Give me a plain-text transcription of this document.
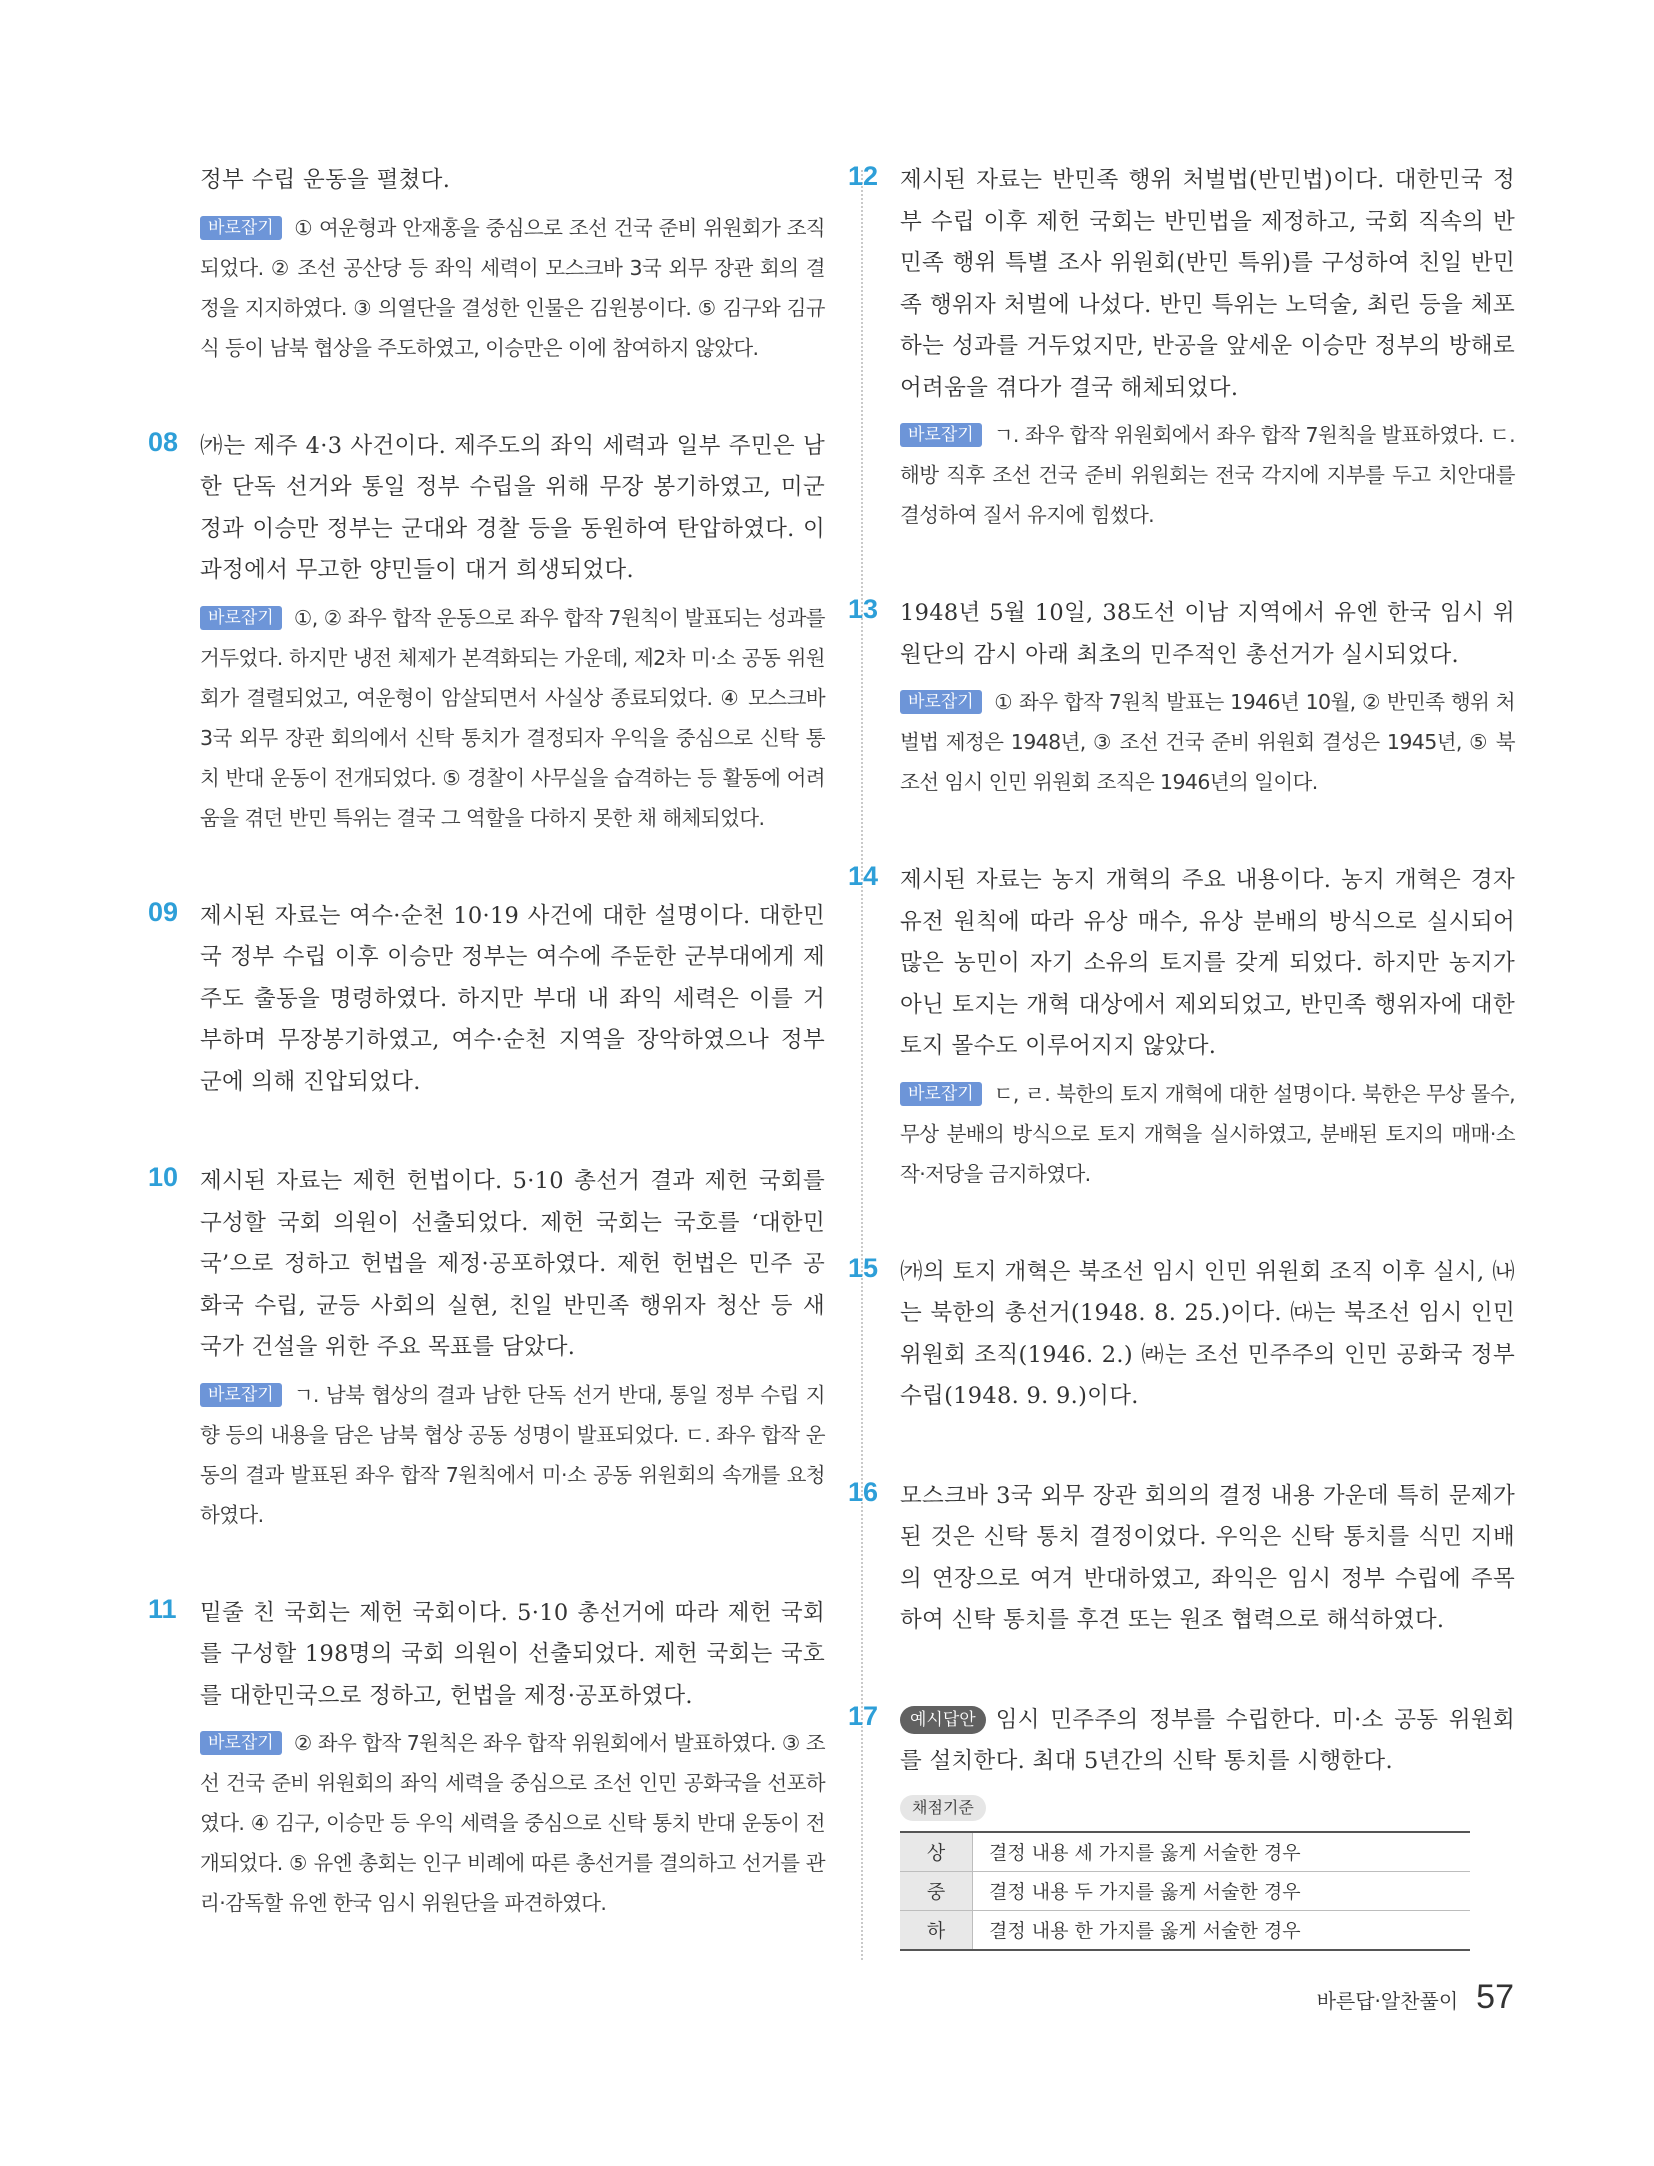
정부 수립 운동을 펼쳤다.

바로잡기 ① 여운형과 안재홍을 중심으로 조선 건국 준비 위원회가 조직되었다. ② 조선 공산당 등 좌익 세력이 모스크바 3국 외무 장관 회의 결정을 지지하였다. ③ 의열단을 결성한 인물은 김원봉이다. ⑤ 김구와 김규식 등이 남북 협상을 주도하였고, 이승만은 이에 참여하지 않았다.

08 ㈎는 제주 4·3 사건이다. 제주도의 좌익 세력과 일부 주민은 남한 단독 선거와 통일 정부 수립을 위해 무장 봉기하였고, 미군정과 이승만 정부는 군대와 경찰 등을 동원하여 탄압하였다. 이 과정에서 무고한 양민들이 대거 희생되었다.

바로잡기 ①, ② 좌우 합작 운동으로 좌우 합작 7원칙이 발표되는 성과를 거두었다. 하지만 냉전 체제가 본격화되는 가운데, 제2차 미·소 공동 위원회가 결렬되었고, 여운형이 암살되면서 사실상 종료되었다. ④ 모스크바 3국 외무 장관 회의에서 신탁 통치가 결정되자 우익을 중심으로 신탁 통치 반대 운동이 전개되었다. ⑤ 경찰이 사무실을 습격하는 등 활동에 어려움을 겪던 반민 특위는 결국 그 역할을 다하지 못한 채 해체되었다.

09 제시된 자료는 여수·순천 10·19 사건에 대한 설명이다. 대한민국 정부 수립 이후 이승만 정부는 여수에 주둔한 군부대에게 제주도 출동을 명령하였다. 하지만 부대 내 좌익 세력은 이를 거부하며 무장봉기하였고, 여수·순천 지역을 장악하였으나 정부군에 의해 진압되었다.

10 제시된 자료는 제헌 헌법이다. 5·10 총선거 결과 제헌 국회를 구성할 국회 의원이 선출되었다. 제헌 국회는 국호를 ‘대한민국’으로 정하고 헌법을 제정·공포하였다. 제헌 헌법은 민주 공화국 수립, 균등 사회의 실현, 친일 반민족 행위자 청산 등 새 국가 건설을 위한 주요 목표를 담았다.

바로잡기 ㄱ. 남북 협상의 결과 남한 단독 선거 반대, 통일 정부 수립 지향 등의 내용을 담은 남북 협상 공동 성명이 발표되었다. ㄷ. 좌우 합작 운동의 결과 발표된 좌우 합작 7원칙에서 미·소 공동 위원회의 속개를 요청하였다.

11 밑줄 친 국회는 제헌 국회이다. 5·10 총선거에 따라 제헌 국회를 구성할 198명의 국회 의원이 선출되었다. 제헌 국회는 국호를 대한민국으로 정하고, 헌법을 제정·공포하였다.

바로잡기 ② 좌우 합작 7원칙은 좌우 합작 위원회에서 발표하였다. ③ 조선 건국 준비 위원회의 좌익 세력을 중심으로 조선 인민 공화국을 선포하였다. ④ 김구, 이승만 등 우익 세력을 중심으로 신탁 통치 반대 운동이 전개되었다. ⑤ 유엔 총회는 인구 비례에 따른 총선거를 결의하고 선거를 관리·감독할 유엔 한국 임시 위원단을 파견하였다.

12 제시된 자료는 반민족 행위 처벌법(반민법)이다. 대한민국 정부 수립 이후 제헌 국회는 반민법을 제정하고, 국회 직속의 반민족 행위 특별 조사 위원회(반민 특위)를 구성하여 친일 반민족 행위자 처벌에 나섰다. 반민 특위는 노덕술, 최린 등을 체포하는 성과를 거두었지만, 반공을 앞세운 이승만 정부의 방해로 어려움을 겪다가 결국 해체되었다.

바로잡기 ㄱ. 좌우 합작 위원회에서 좌우 합작 7원칙을 발표하였다. ㄷ. 해방 직후 조선 건국 준비 위원회는 전국 각지에 지부를 두고 치안대를 결성하여 질서 유지에 힘썼다.

13 1948년 5월 10일, 38도선 이남 지역에서 유엔 한국 임시 위원단의 감시 아래 최초의 민주적인 총선거가 실시되었다.

바로잡기 ① 좌우 합작 7원칙 발표는 1946년 10월, ② 반민족 행위 처벌법 제정은 1948년, ③ 조선 건국 준비 위원회 결성은 1945년, ⑤ 북조선 임시 인민 위원회 조직은 1946년의 일이다.

14 제시된 자료는 농지 개혁의 주요 내용이다. 농지 개혁은 경자유전 원칙에 따라 유상 매수, 유상 분배의 방식으로 실시되어 많은 농민이 자기 소유의 토지를 갖게 되었다. 하지만 농지가 아닌 토지는 개혁 대상에서 제외되었고, 반민족 행위자에 대한 토지 몰수도 이루어지지 않았다.

바로잡기 ㄷ, ㄹ. 북한의 토지 개혁에 대한 설명이다. 북한은 무상 몰수, 무상 분배의 방식으로 토지 개혁을 실시하였고, 분배된 토지의 매매·소작·저당을 금지하였다.

15 ㈎의 토지 개혁은 북조선 임시 인민 위원회 조직 이후 실시, ㈏는 북한의 총선거(1948. 8. 25.)이다. ㈐는 북조선 임시 인민 위원회 조직(1946. 2.) ㈑는 조선 민주주의 인민 공화국 정부 수립(1948. 9. 9.)이다.

16 모스크바 3국 외무 장관 회의의 결정 내용 가운데 특히 문제가 된 것은 신탁 통치 결정이었다. 우익은 신탁 통치를 식민 지배의 연장으로 여겨 반대하였고, 좌익은 임시 정부 수립에 주목하여 신탁 통치를 후견 또는 원조 협력으로 해석하였다.

17	예시답안 임시 민주주의 정부를 수립한다. 미·소 공동 위원회를 설치한다. 최대 5년간의 신탁 통치를 시행한다.

채점기준
상	결정 내용 세 가지를 옳게 서술한 경우
중	결정 내용 두 가지를 옳게 서술한 경우
하	결정 내용 한 가지를 옳게 서술한 경우
바른답·알찬풀이 57
